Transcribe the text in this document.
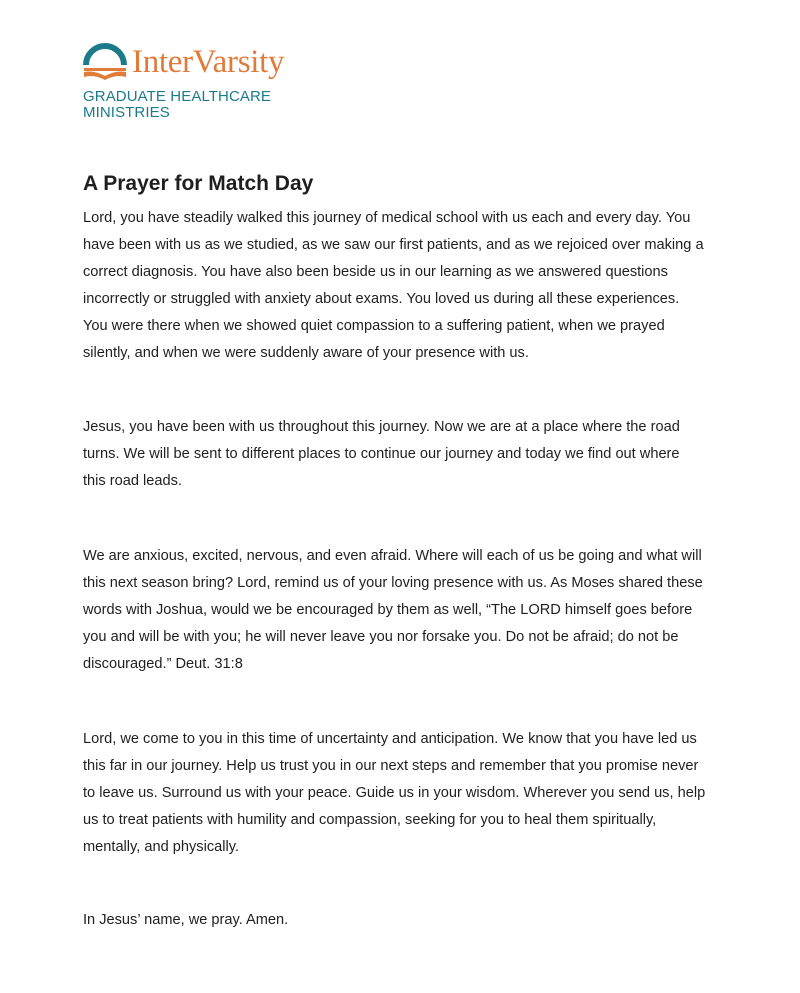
InterVarsity
GRADUATE HEALTHCARE
MINISTRIES
A Prayer for Match Day
Lord, you have steadily walked this journey of medical school with us each and every day. You
have been with us as we studied, as we saw our first patients, and as we rejoiced over making a
correct diagnosis. You have also been beside us in our learning as we answered questions
incorrectly or struggled with anxiety about exams. You loved us during all these experiences.
You were there when we showed quiet compassion to a suffering patient, when we prayed
silently, and when we were suddenly aware of your presence with us.
Jesus, you have been with us throughout this journey. Now we are at a place where the road
turns. We will be sent to different places to continue our journey and today we find out where
this road leads.
We are anxious, excited, nervous, and even afraid. Where will each of us be going and what will
this next season bring? Lord, remind us of your loving presence with us. As Moses shared these
words with Joshua, would we be encouraged by them as well, “The LORD himself goes before
you and will be with you; he will never leave you nor forsake you. Do not be afraid; do not be
discouraged.” Deut. 31:8
Lord, we come to you in this time of uncertainty and anticipation. We know that you have led us
this far in our journey. Help us trust you in our next steps and remember that you promise never
to leave us. Surround us with your peace. Guide us in your wisdom. Wherever you send us, help
us to treat patients with humility and compassion, seeking for you to heal them spiritually,
mentally, and physically.
In Jesus’ name, we pray. Amen.
